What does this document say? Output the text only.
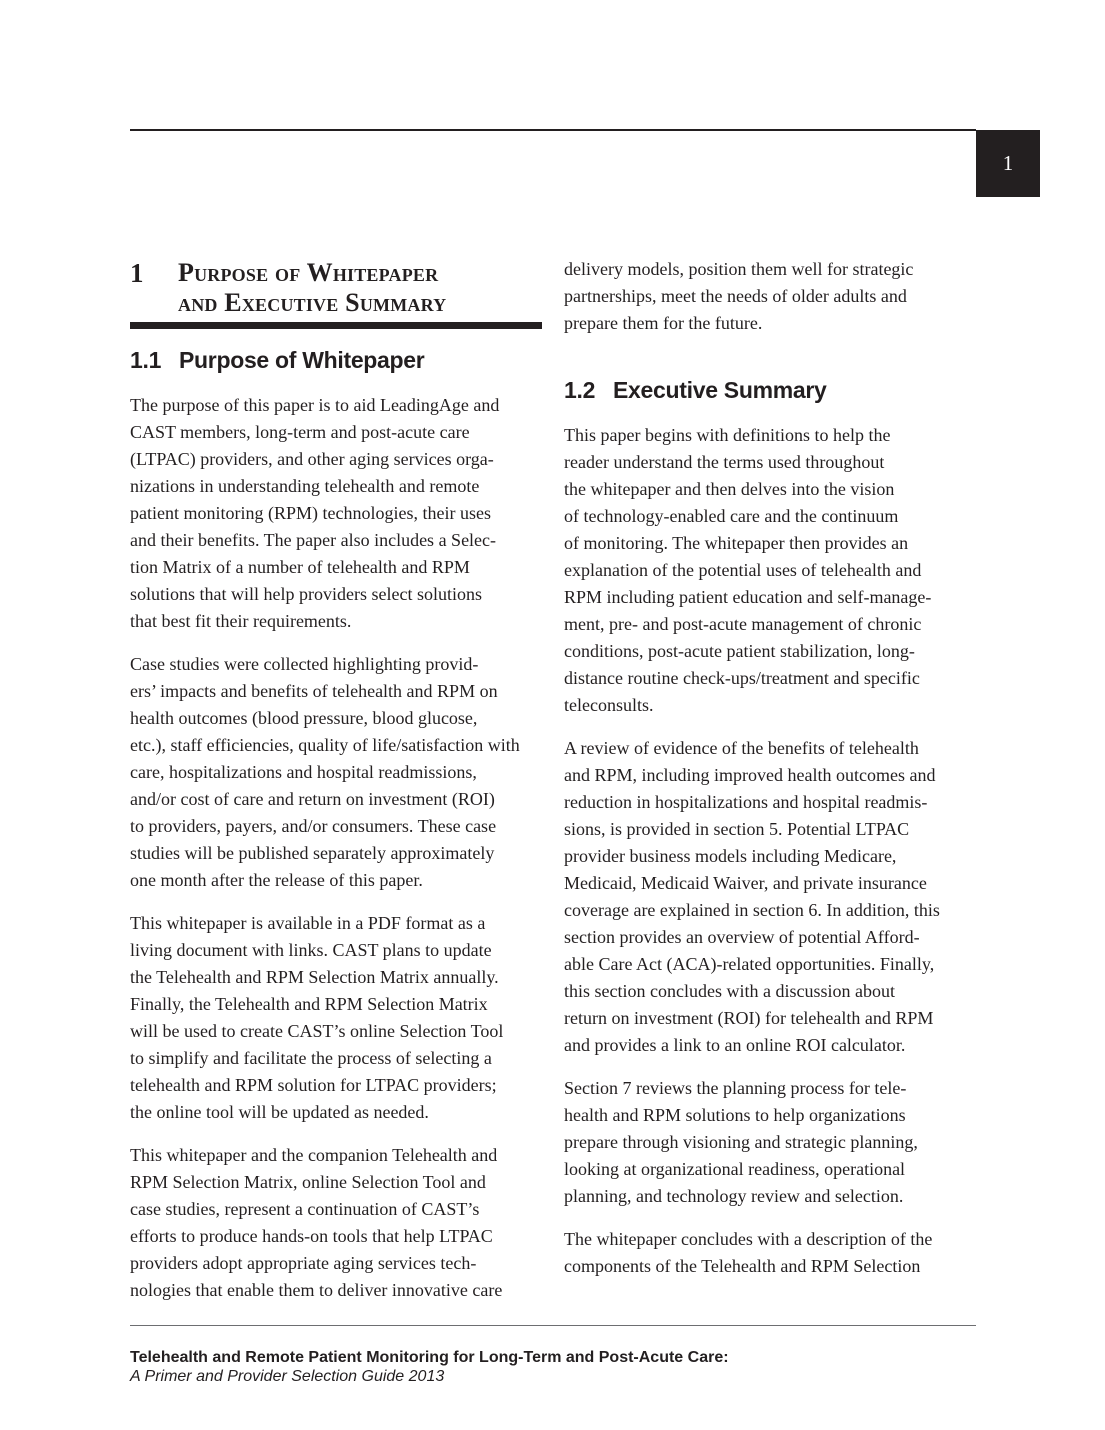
1
1	Purpose of Whitepaper
and Executive Summary
1.1 Purpose of Whitepaper

The purpose of this paper is to aid LeadingAge and
CAST members, long-term and post-acute care
(LTPAC) providers, and other aging services orga-
nizations in understanding telehealth and remote
patient monitoring (RPM) technologies, their uses
and their benefits. The paper also includes a Selec-
tion Matrix of a number of telehealth and RPM
solutions that will help providers select solutions
that best fit their requirements.

Case studies were collected highlighting provid-
ers’ impacts and benefits of telehealth and RPM on
health outcomes (blood pressure, blood glucose,
etc.), staff efficiencies, quality of life/satisfaction with
care, hospitalizations and hospital readmissions,
and/or cost of care and return on investment (ROI)
to providers, payers, and/or consumers. These case
studies will be published separately approximately
one month after the release of this paper.

This whitepaper is available in a PDF format as a
living document with links. CAST plans to update
the Telehealth and RPM Selection Matrix annually.
Finally, the Telehealth and RPM Selection Matrix
will be used to create CAST’s online Selection Tool
to simplify and facilitate the process of selecting a
telehealth and RPM solution for LTPAC providers;
the online tool will be updated as needed.

This whitepaper and the companion Telehealth and
RPM Selection Matrix, online Selection Tool and
case studies, represent a continuation of CAST’s
efforts to produce hands-on tools that help LTPAC
providers adopt appropriate aging services tech-
nologies that enable them to deliver innovative care

delivery models, position them well for strategic
partnerships, meet the needs of older adults and
prepare them for the future.

1.2 Executive Summary

This paper begins with definitions to help the
reader understand the terms used throughout
the whitepaper and then delves into the vision
of technology-enabled care and the continuum
of monitoring. The whitepaper then provides an
explanation of the potential uses of telehealth and
RPM including patient education and self-manage-
ment, pre- and post-acute management of chronic
conditions, post-acute patient stabilization, long-
distance routine check-ups/treatment and specific
teleconsults.

A review of evidence of the benefits of telehealth
and RPM, including improved health outcomes and
reduction in hospitalizations and hospital readmis-
sions, is provided in section 5. Potential LTPAC
provider business models including Medicare,
Medicaid, Medicaid Waiver, and private insurance
coverage are explained in section 6. In addition, this
section provides an overview of potential Afford-
able Care Act (ACA)-related opportunities. Finally,
this section concludes with a discussion about
return on investment (ROI) for telehealth and RPM
and provides a link to an online ROI calculator.

Section 7 reviews the planning process for tele-
health and RPM solutions to help organizations
prepare through visioning and strategic planning,
looking at organizational readiness, operational
planning, and technology review and selection.

The whitepaper concludes with a description of the
components of the Telehealth and RPM Selection

Telehealth and Remote Patient Monitoring for Long-Term and Post-Acute Care:
A Primer and Provider Selection Guide 2013
